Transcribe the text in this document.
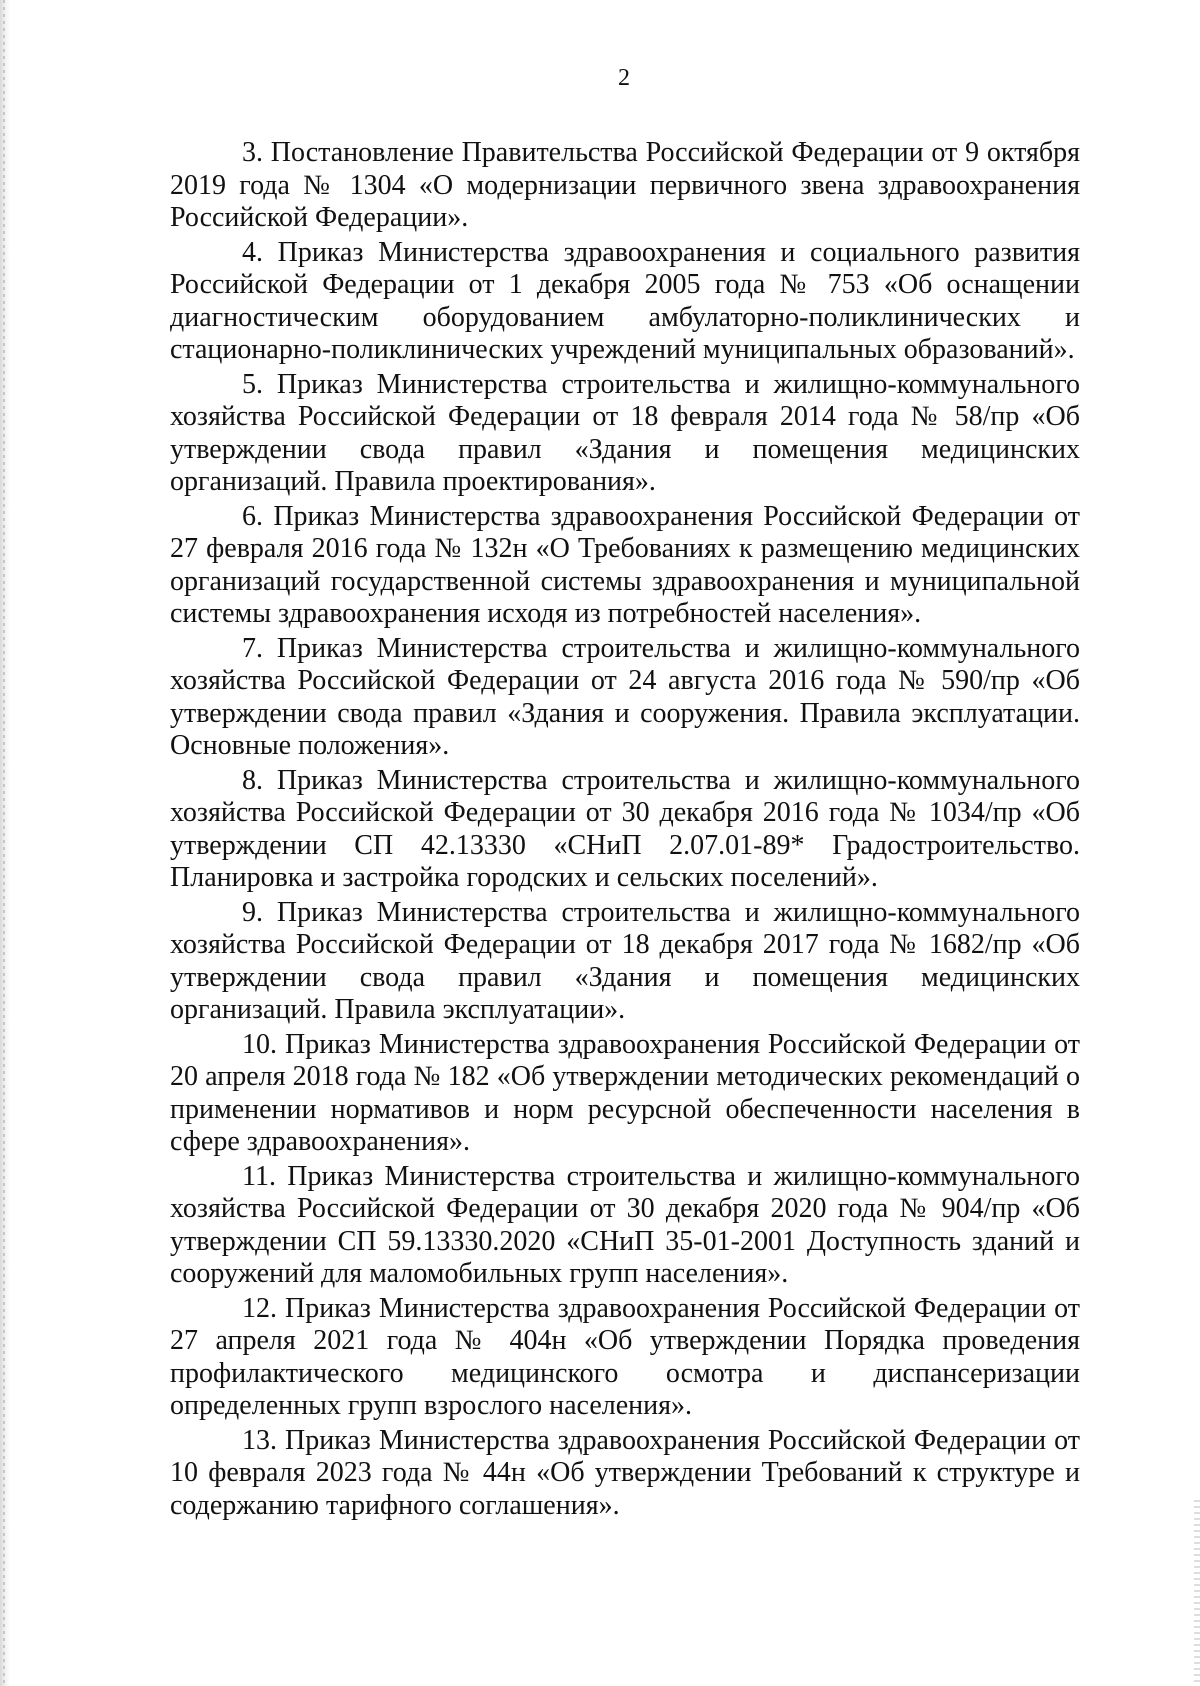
2

3. Постановление Правительства Российской Федерации от 9 октября 2019 года № 1304 «О модернизации первичного звена здравоохранения Российской Федерации».

4. Приказ Министерства здравоохранения и социального развития Российской Федерации от 1 декабря 2005 года № 753 «Об оснащении диагностическим оборудованием амбулаторно-поликлинических и стационарно-поликлинических учреждений муниципальных образований».

5. Приказ Министерства строительства и жилищно-коммунального хозяйства Российской Федерации от 18 февраля 2014 года № 58/пр «Об утверждении свода правил «Здания и помещения медицинских организаций. Правила проектирования».

6. Приказ Министерства здравоохранения Российской Федерации от 27 февраля 2016 года № 132н «О Требованиях к размещению медицинских организаций государственной системы здравоохранения и муниципальной системы здравоохранения исходя из потребностей населения».

7. Приказ Министерства строительства и жилищно-коммунального хозяйства Российской Федерации от 24 августа 2016 года № 590/пр «Об утверждении свода правил «Здания и сооружения. Правила эксплуатации. Основные положения».

8. Приказ Министерства строительства и жилищно-коммунального хозяйства Российской Федерации от 30 декабря 2016 года № 1034/пр «Об утверждении СП 42.13330 «СНиП 2.07.01-89* Градостроительство. Планировка и застройка городских и сельских поселений».

9. Приказ Министерства строительства и жилищно-коммунального хозяйства Российской Федерации от 18 декабря 2017 года № 1682/пр «Об утверждении свода правил «Здания и помещения медицинских организаций. Правила эксплуатации».

10. Приказ Министерства здравоохранения Российской Федерации от 20 апреля 2018 года № 182 «Об утверждении методических рекомендаций о применении нормативов и норм ресурсной обеспеченности населения в сфере здравоохранения».

11. Приказ Министерства строительства и жилищно-коммунального хозяйства Российской Федерации от 30 декабря 2020 года № 904/пр «Об утверждении СП 59.13330.2020 «СНиП 35-01-2001 Доступность зданий и сооружений для маломобильных групп населения».

12. Приказ Министерства здравоохранения Российской Федерации от 27 апреля 2021 года № 404н «Об утверждении Порядка проведения профилактического медицинского осмотра и диспансеризации определенных групп взрослого населения».

13. Приказ Министерства здравоохранения Российской Федерации от 10 февраля 2023 года № 44н «Об утверждении Требований к структуре и содержанию тарифного соглашения».
